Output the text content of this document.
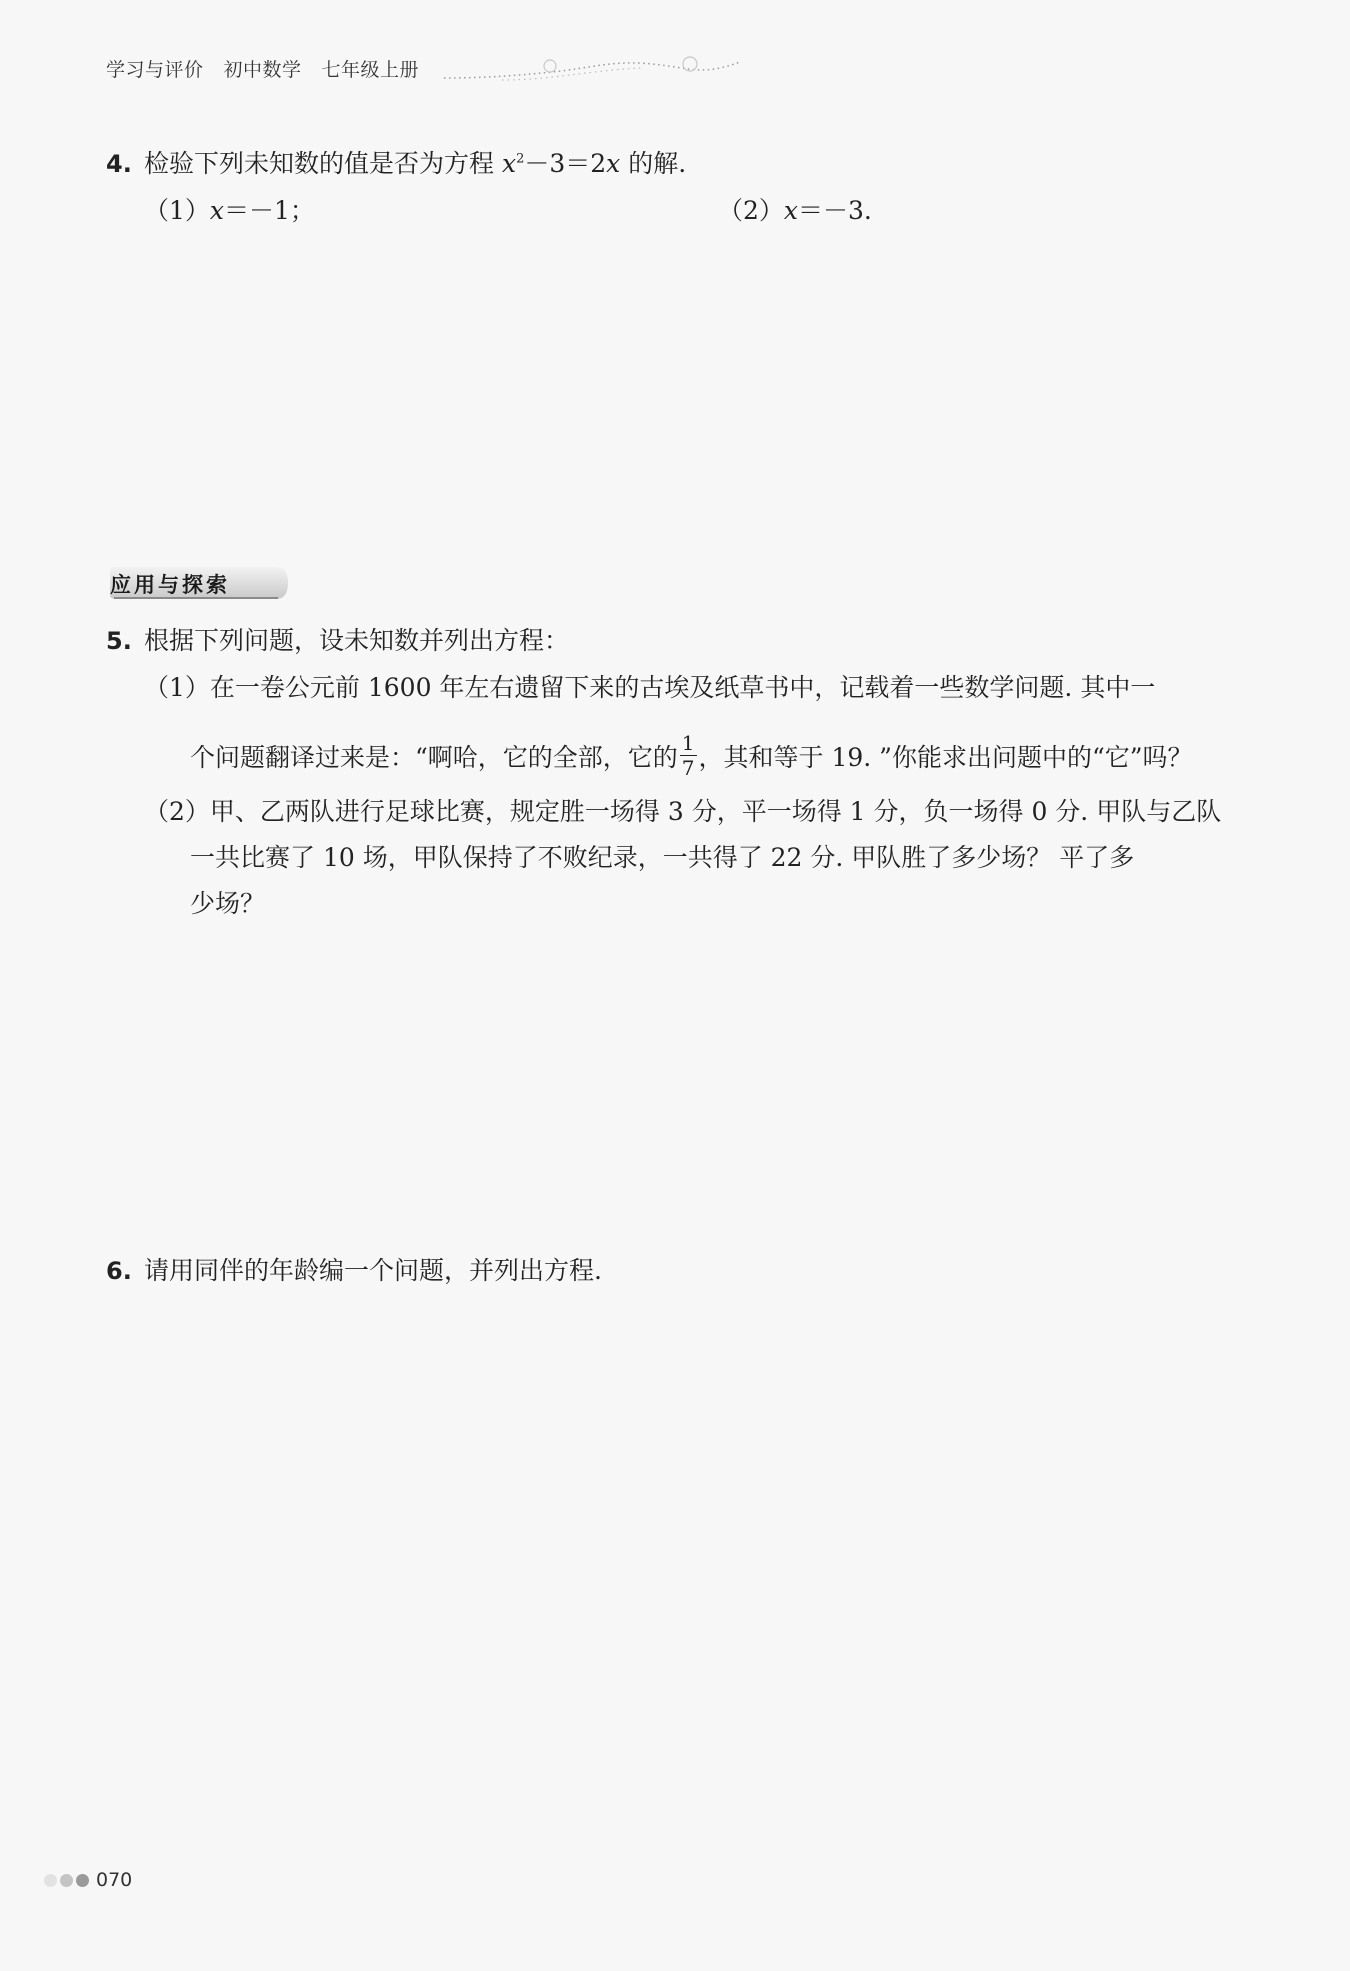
学习与评价 初中数学 七年级上册
4. 检验下列未知数的值是否为方程 $x^2-3=2x$ 的解.
（1）x＝－1；	（2）x＝－3.
应用与探索
5. 根据下列问题，设未知数并列出方程：
（1）在一卷公元前 1600 年左右遗留下来的古埃及纸草书中，记载着一些数学问题. 其中一
个问题翻译过来是：“啊哈，它的全部，它的 $\frac{1}{7}$ ，其和等于 19. ”你能求出问题中的“它”吗？
（2）甲、乙两队进行足球比赛，规定胜一场得 3 分，平一场得 1 分，负一场得 0 分. 甲队与乙队
一共比赛了 10 场，甲队保持了不败纪录，一共得了 22 分. 甲队胜了多少场？ 平了多
少场？
6. 请用同伴的年龄编一个问题，并列出方程.
070
